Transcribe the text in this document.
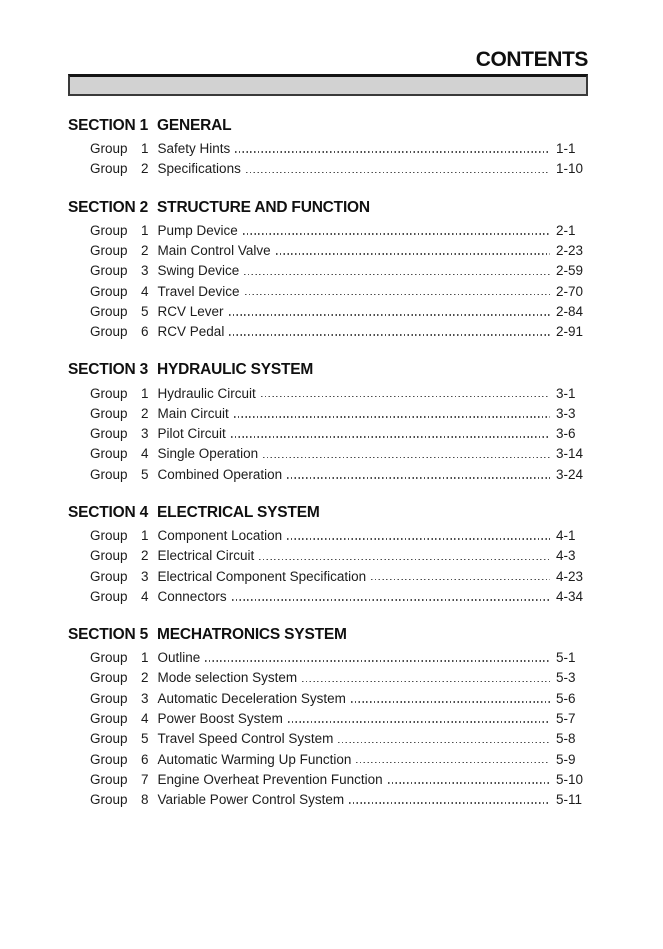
CONTENTS
SECTION 1 GENERAL
Group 1 Safety Hints	1-1
Group 2 Specifications	1-10
SECTION 2 STRUCTURE AND FUNCTION
Group 1 Pump Device	2-1
Group 2 Main Control Valve	2-23
Group 3 Swing Device	2-59
Group 4 Travel Device	2-70
Group 5 RCV Lever	2-84
Group 6 RCV Pedal	2-91
SECTION 3 HYDRAULIC SYSTEM
Group 1 Hydraulic Circuit	3-1
Group 2 Main Circuit	3-3
Group 3 Pilot Circuit	3-6
Group 4 Single Operation	3-14
Group 5 Combined Operation	3-24
SECTION 4 ELECTRICAL SYSTEM
Group 1 Component Location	4-1
Group 2 Electrical Circuit	4-3
Group 3 Electrical Component Specification	4-23
Group 4 Connectors	4-34
SECTION 5 MECHATRONICS SYSTEM
Group 1 Outline	5-1
Group 2 Mode selection System	5-3
Group 3 Automatic Deceleration System	5-6
Group 4 Power Boost System	5-7
Group 5 Travel Speed Control System	5-8
Group 6 Automatic Warming Up Function	5-9
Group 7 Engine Overheat Prevention Function	5-10
Group 8 Variable Power Control System	5-11
